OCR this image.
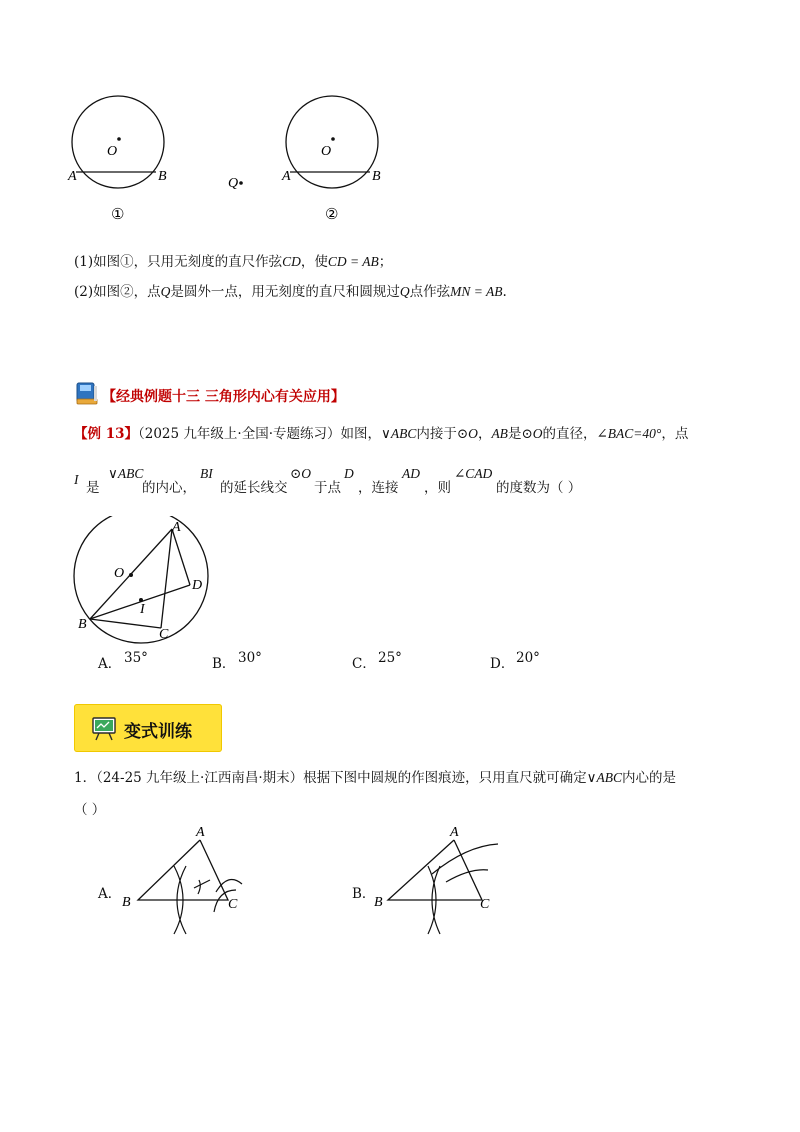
O
A	B
①
Q
O
A	B
②
(1)如图①，只用无刻度的直尺作弦CD，使CD = AB；
(2)如图②，点Q是圆外一点，用无刻度的直尺和圆规过Q点作弦MN = AB.
【经典例题十三 三角形内心有关应用】
【例 13】（2025 九年级上·全国·专题练习）如图，∨ABC内接于⊙O，AB是⊙O的直径，∠BAC=40°，点
I
是
∨ABC
的内心，
BI
的延长线交
⊙O
于点
D
，连接
AD
，则
∠CAD
的度数为（ ）
A
O
D
I
B
C
A． 35°	B． 30°	C． 25°	D． 20°
变式训练
1．（24-25 九年级上·江西南昌·期末）根据下图中圆规的作图痕迹，只用直尺就可确定∨ABC内心的是
（ ）
A．
A
B	C
B．
A
B	C
